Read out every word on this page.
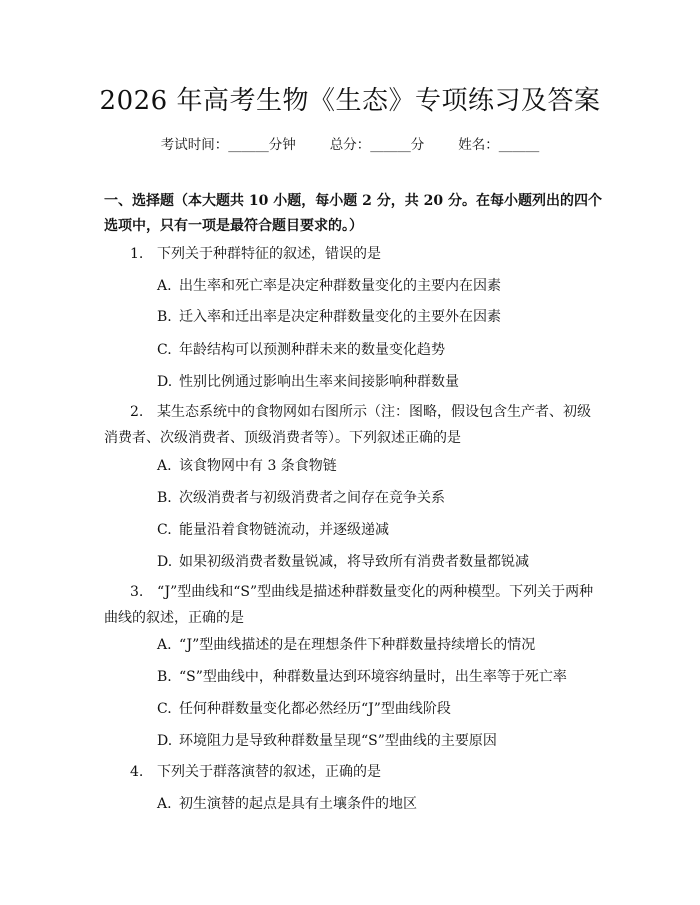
2026 年高考生物《生态》专项练习及答案
考试时间：______分钟	总分：______分	姓名：______
一、选择题（本大题共 10 小题，每小题 2 分，共 20 分。在每小题列出的四个选项中，只有一项是最符合题目要求的。）
1. 下列关于种群特征的叙述，错误的是
A. 出生率和死亡率是决定种群数量变化的主要内在因素
B. 迁入率和迁出率是决定种群数量变化的主要外在因素
C. 年龄结构可以预测种群未来的数量变化趋势
D. 性别比例通过影响出生率来间接影响种群数量
2. 某生态系统中的食物网如右图所示（注：图略，假设包含生产者、初级消费者、次级消费者、顶级消费者等）。下列叙述正确的是
A. 该食物网中有 3 条食物链
B. 次级消费者与初级消费者之间存在竞争关系
C. 能量沿着食物链流动，并逐级递减
D. 如果初级消费者数量锐减，将导致所有消费者数量都锐减
3. “J”型曲线和“S”型曲线是描述种群数量变化的两种模型。下列关于两种曲线的叙述，正确的是
A. “J”型曲线描述的是在理想条件下种群数量持续增长的情况
B. “S”型曲线中，种群数量达到环境容纳量时，出生率等于死亡率
C. 任何种群数量变化都必然经历“J”型曲线阶段
D. 环境阻力是导致种群数量呈现“S”型曲线的主要原因
4. 下列关于群落演替的叙述，正确的是
A. 初生演替的起点是具有土壤条件的地区
